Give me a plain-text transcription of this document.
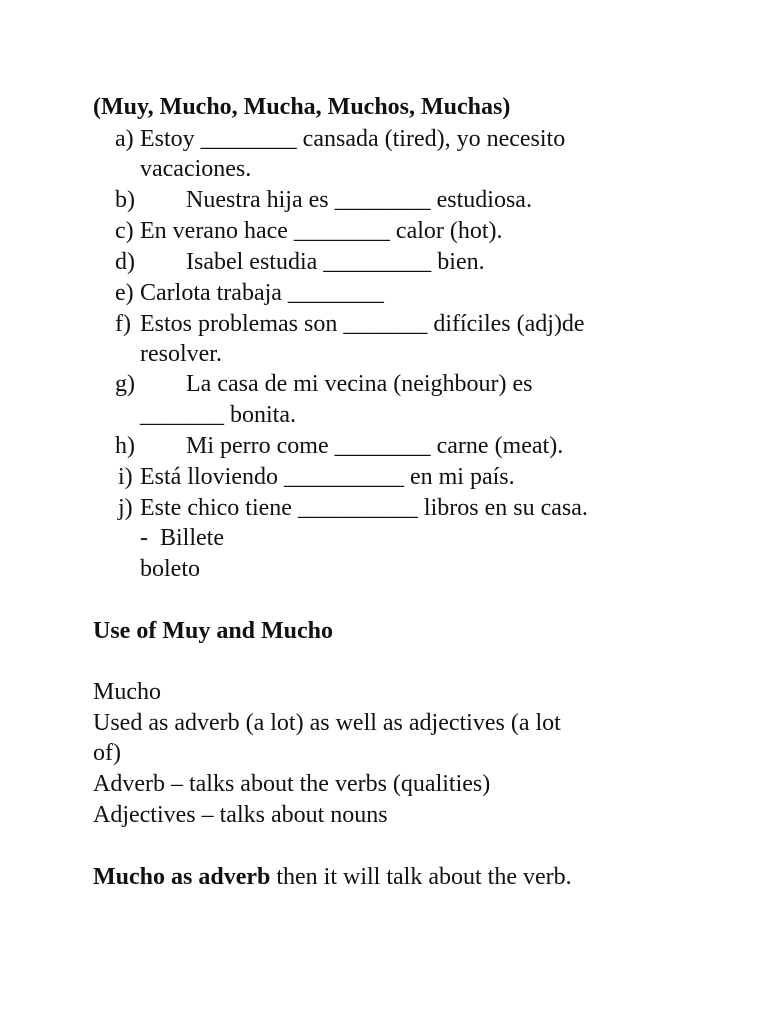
(Muy, Mucho, Mucha, Muchos, Muchas)
a) Estoy ________ cansada (tired), yo necesito
vacaciones.
b) Nuestra hija es ________ estudiosa.
c) En verano hace ________ calor (hot).
d) Isabel estudia _________ bien.
e) Carlota trabaja ________
f) Estos problemas son _______ difíciles (adj)de
resolver.
g) La casa de mi vecina (neighbour) es
_______ bonita.
h) Mi perro come ________ carne (meat).
i) Está lloviendo __________ en mi país.
j) Este chico tiene __________ libros en su casa.
-  Billete
boleto
Use of Muy and Mucho
Mucho
Used as adverb (a lot) as well as adjectives (a lot
of)
Adverb – talks about the verbs (qualities)
Adjectives – talks about nouns
Mucho as adverb then it will talk about the verb.
